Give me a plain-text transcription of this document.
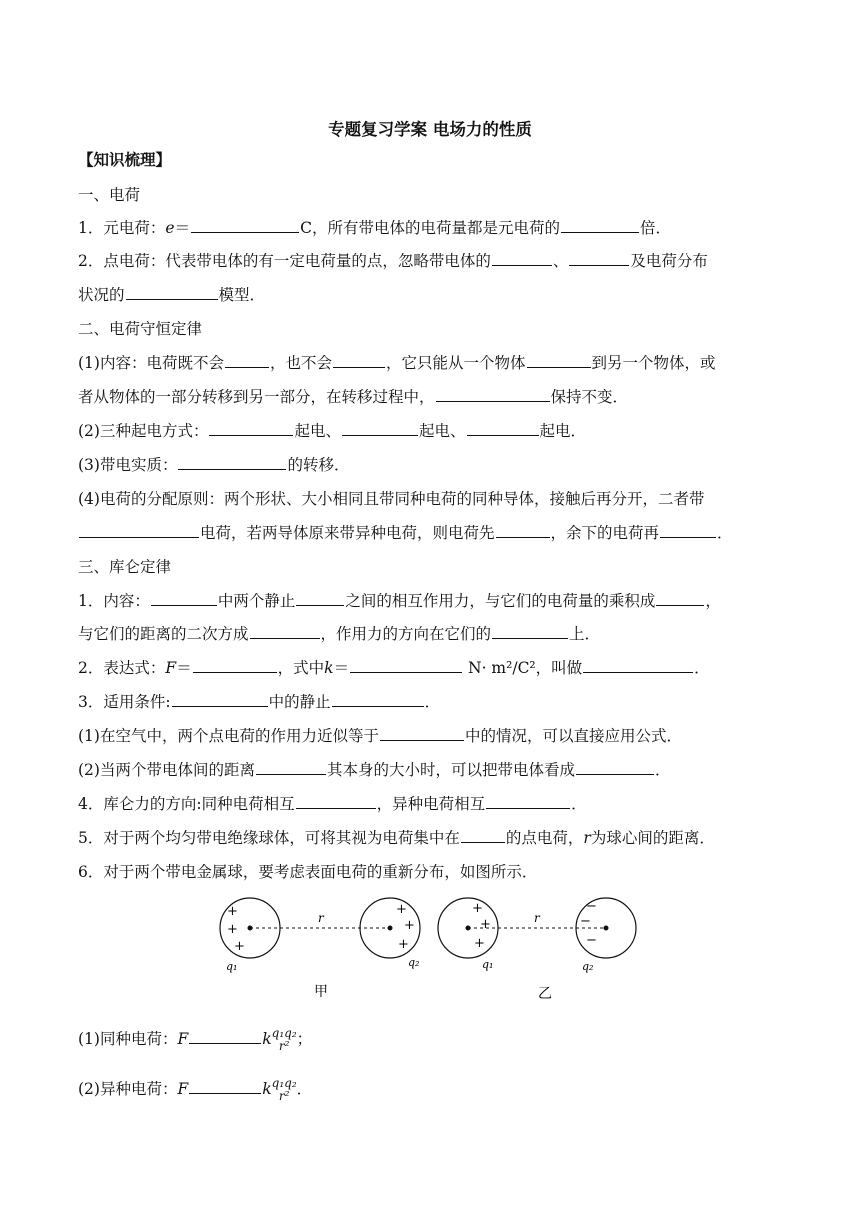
专题复习学案 电场力的性质
【知识梳理】
一、电荷
1．元电荷：e＝	C，所有带电体的电荷量都是元电荷的	倍．
2．点电荷：代表带电体的有一定电荷量的点，忽略带电体的	、	及电荷分布
状况的	模型．
二、电荷守恒定律
(1)内容：电荷既不会	，也不会	，它只能从一个物体	到另一个物体，或
者从物体的一部分转移到另一部分，在转移过程中，	保持不变．
(2)三种起电方式：	起电、	起电、	起电．
(3)带电实质：	的转移．
(4)电荷的分配原则：两个形状、大小相同且带同种电荷的同种导体，接触后再分开，二者带
电荷，若两导体原来带异种电荷，则电荷先	，余下的电荷再	．
三、库仑定律
1．内容：	中两个静止	之间的相互作用力，与它们的电荷量的乘积成	，
与它们的距离的二次方成	，作用力的方向在它们的	上．
2．表达式：F＝	，式中k＝	N· m²/C²，叫做	．
3．适用条件:	中的静止	．
(1)在空气中，两个点电荷的作用力近似等于	中的情况，可以直接应用公式．
(2)当两个带电体间的距离	其本身的大小时，可以把带电体看成	．
4．库仑力的方向:同种电荷相互	，异种电荷相互	．
5．对于两个均匀带电绝缘球体，可将其视为电荷集中在	的点电荷，r为球心间的距离．
6．对于两个带电金属球，要考虑表面电荷的重新分布，如图所示．
r
+
+
+
+
+
+
q₁	q₂
甲
r
+
+
+
−
−
−
q₁	q₂
乙
(1)同种电荷：F	k q₁q₂
r² ；
(2)异种电荷：F	k q₁q₂
r² ．
